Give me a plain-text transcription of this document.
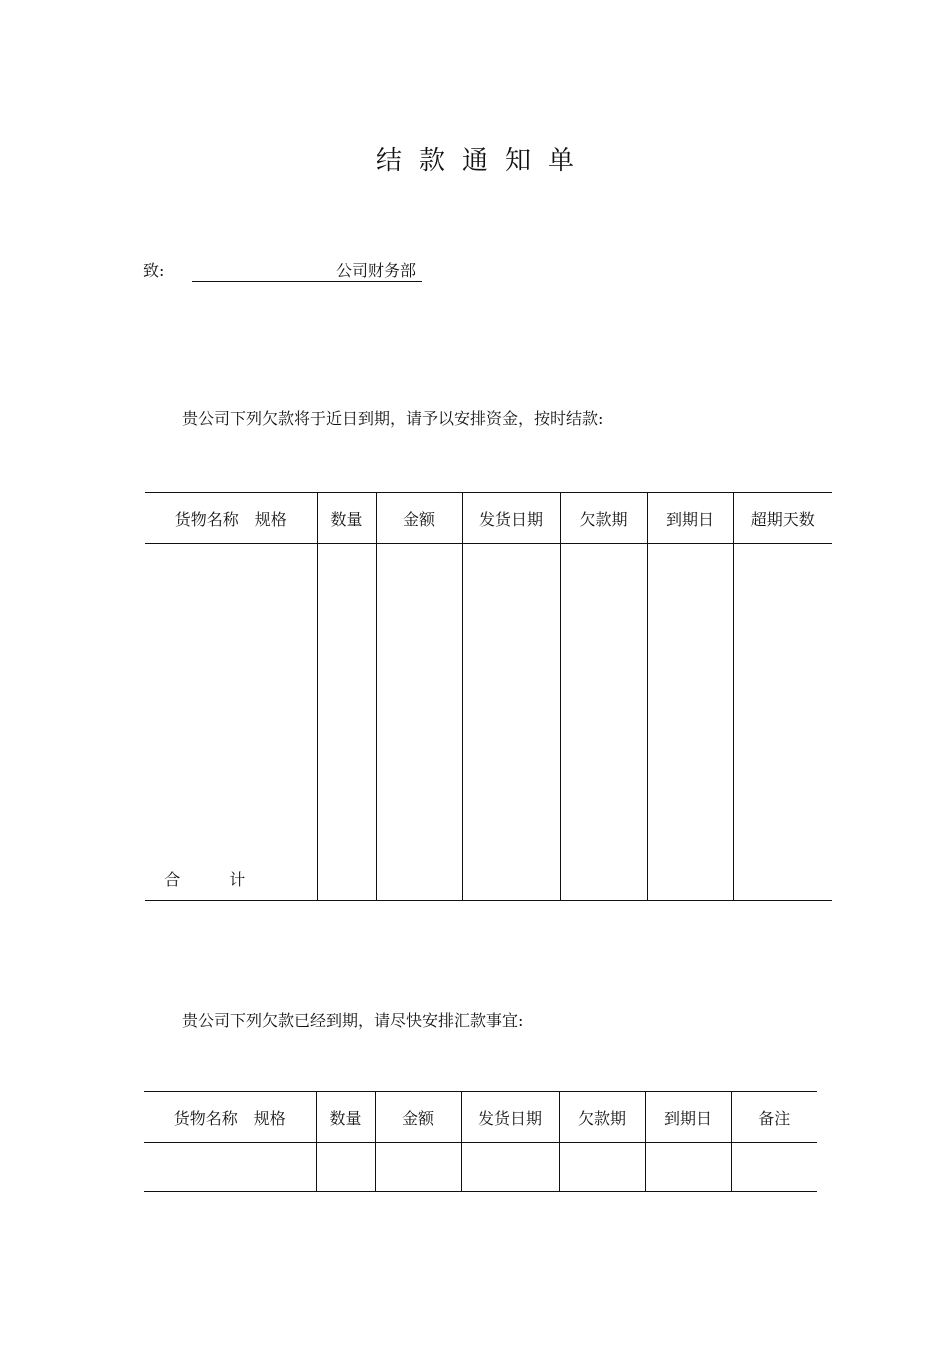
结款通知单
致:	公司财务部
贵公司下列欠款将于近日到期，请予以安排资金，按时结款:
货物名称　规格	数量	金额	发货日期	欠款期	到期日	超期天数
合 计						
贵公司下列欠款已经到期，请尽快安排汇款事宜:
货物名称　规格	数量	金额	发货日期	欠款期	到期日	备注
